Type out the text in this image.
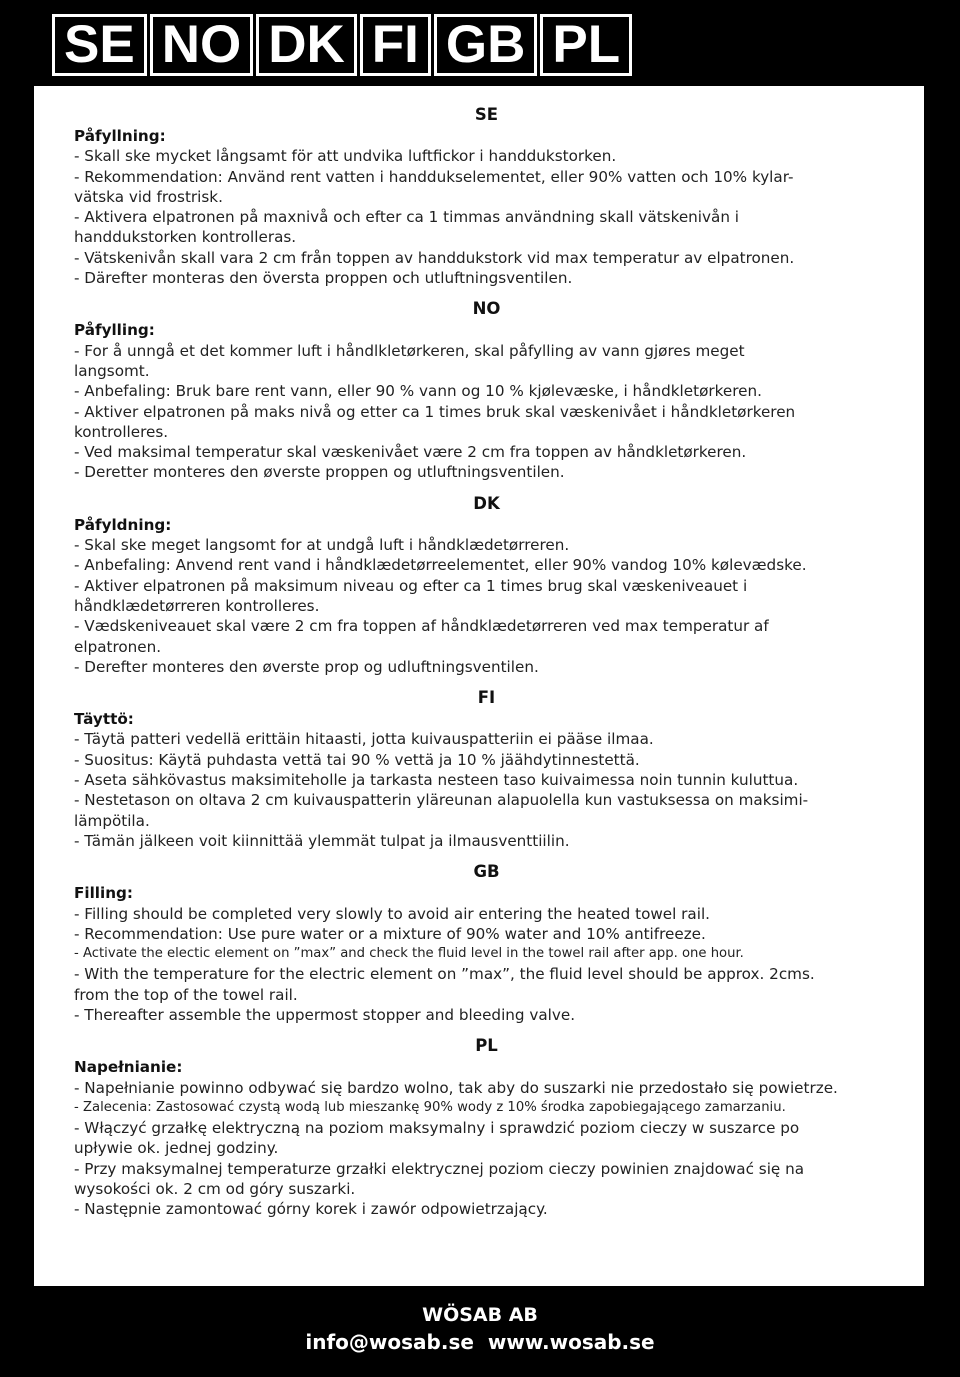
SE NO DK FI GB PL
SE
Påfyllning:

- Skall ske mycket långsamt för att undvika luftfickor i handdukstorken.

- Rekommendation: Använd rent vatten i handdukselementet, eller 90% vatten och 10% kylar-

vätska vid frostrisk.

- Aktivera elpatronen på maxnivå och efter ca 1 timmas användning skall vätskenivån i

handdukstorken kontrolleras.

- Vätskenivån skall vara 2 cm från toppen av handdukstork vid max temperatur av elpatronen.

- Därefter monteras den översta proppen och utluftningsventilen.

NO
Påfylling:

- For å unngå et det kommer luft i håndlkletørkeren, skal påfylling av vann gjøres meget

langsomt.

- Anbefaling: Bruk bare rent vann, eller 90 % vann og 10 % kjølevæske, i håndkletørkeren.

- Aktiver elpatronen på maks nivå og etter ca 1 times bruk skal væskenivået i håndkletørkeren

kontrolleres.

- Ved maksimal temperatur skal væskenivået være 2 cm fra toppen av håndkletørkeren.

- Deretter monteres den øverste proppen og utluftningsventilen.

DK
Påfyldning:

- Skal ske meget langsomt for at undgå luft i håndklædetørreren.

- Anbefaling: Anvend rent vand i håndklædetørreelementet, eller 90% vandog 10% kølevædske.

- Aktiver elpatronen på maksimum niveau og efter ca 1 times brug skal væskeniveauet i

håndklædetørreren kontrolleres.

- Vædskeniveauet skal være 2 cm fra toppen af håndklædetørreren ved max temperatur af

elpatronen.

- Derefter monteres den øverste prop og udluftningsventilen.

FI
Täyttö:

- Täytä patteri vedellä erittäin hitaasti, jotta kuivauspatteriin ei pääse ilmaa.

- Suositus: Käytä puhdasta vettä tai 90 % vettä ja 10 % jäähdytinnestettä.

- Aseta sähkövastus maksimiteholle ja tarkasta nesteen taso kuivaimessa noin tunnin kuluttua.

- Nestetason on oltava 2 cm kuivauspatterin yläreunan alapuolella kun vastuksessa on maksimi-

lämpötila.

- Tämän jälkeen voit kiinnittää ylemmät tulpat ja ilmausventtiilin.

GB
Filling:

- Filling should be completed very slowly to avoid air entering the heated towel rail.

- Recommendation: Use pure water or a mixture of 90% water and 10% antifreeze.

- Activate the electic element on ”max” and check the fluid level in the towel rail after app. one hour.

- With the temperature for the electric element on ”max”, the fluid level should be approx. 2cms.

from the top of the towel rail.

- Thereafter assemble the uppermost stopper and bleeding valve.

PL
Napełnianie:

- Napełnianie powinno odbywać się bardzo wolno, tak aby do suszarki nie przedostało się powietrze.

- Zalecenia: Zastosować czystą wodą lub mieszankę 90% wody z 10% środka zapobiegającego zamarzaniu.

- Włączyć grzałkę elektryczną na poziom maksymalny i sprawdzić poziom cieczy w suszarce po

upływie ok. jednej godziny.

- Przy maksymalnej temperaturze grzałki elektrycznej poziom cieczy powinien znajdować się na

wysokości ok. 2 cm od góry suszarki.

- Następnie zamontować górny korek i zawór odpowietrzający.

WÖSAB AB
info@wosab.se www.wosab.se
